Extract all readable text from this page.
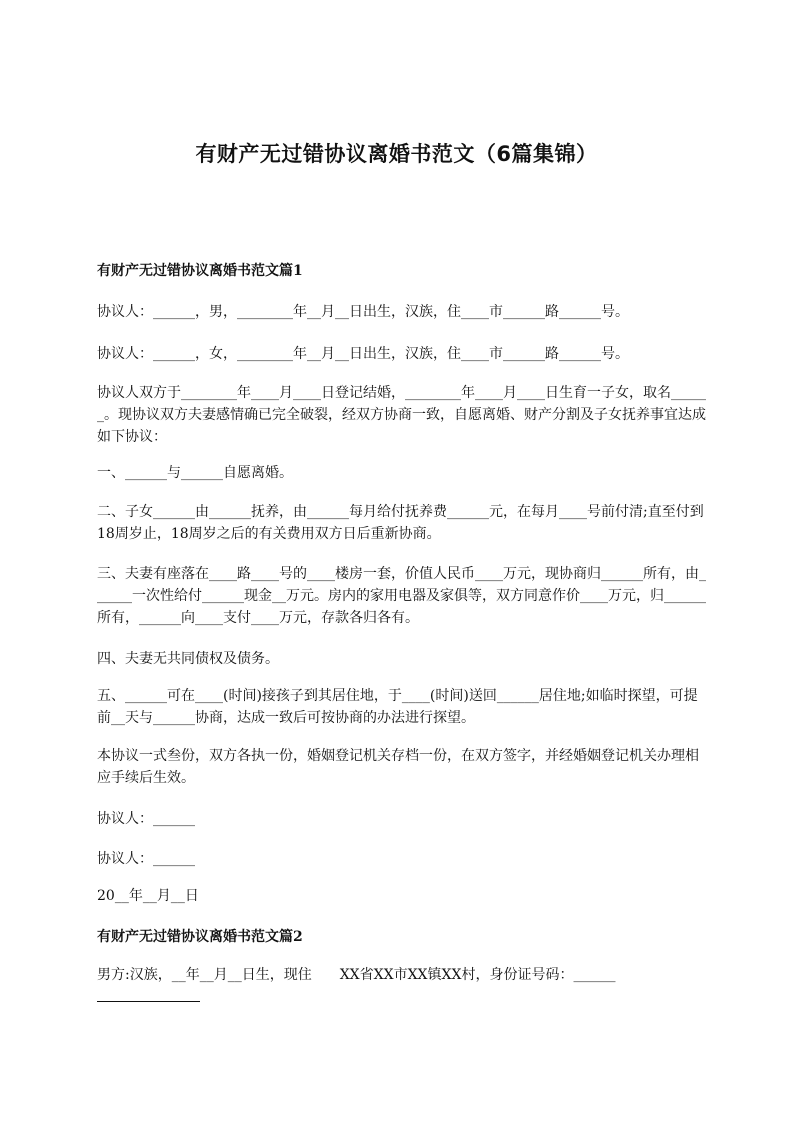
有财产无过错协议离婚书范文（6篇集锦）
有财产无过错协议离婚书范文篇1

协议人：______，男，________年__月__日出生，汉族，住____市______路______号。

协议人：______，女，________年__月__日出生，汉族，住____市______路______号。

协议人双方于________年____月____日登记结婚，________年____月____日生育一子女，取名______。现协议双方夫妻感情确已完全破裂，经双方协商一致，自愿离婚、财产分割及子女抚养事宜达成如下协议：

一、______与______自愿离婚。

二、子女______由______抚养，由______每月给付抚养费______元，在每月____号前付清;直至付到18周岁止，18周岁之后的有关费用双方日后重新协商。

三、夫妻有座落在____路____号的____楼房一套，价值人民币____万元，现协商归______所有，由______一次性给付______现金__万元。房内的家用电器及家俱等，双方同意作价____万元，归______所有，______向____支付____万元，存款各归各有。

四、夫妻无共同债权及债务。

五、______可在____(时间)接孩子到其居住地，于____(时间)送回______居住地;如临时探望，可提前__天与______协商，达成一致后可按协商的办法进行探望。

本协议一式叁份，双方各执一份，婚姻登记机关存档一份，在双方签字，并经婚姻登记机关办理相应手续后生效。

协议人：______

协议人：______

20__年__月__日

有财产无过错协议离婚书范文篇2

男方:汉族，__年__月__日生，现住　　XX省XX市XX镇XX村，身份证号码：______
